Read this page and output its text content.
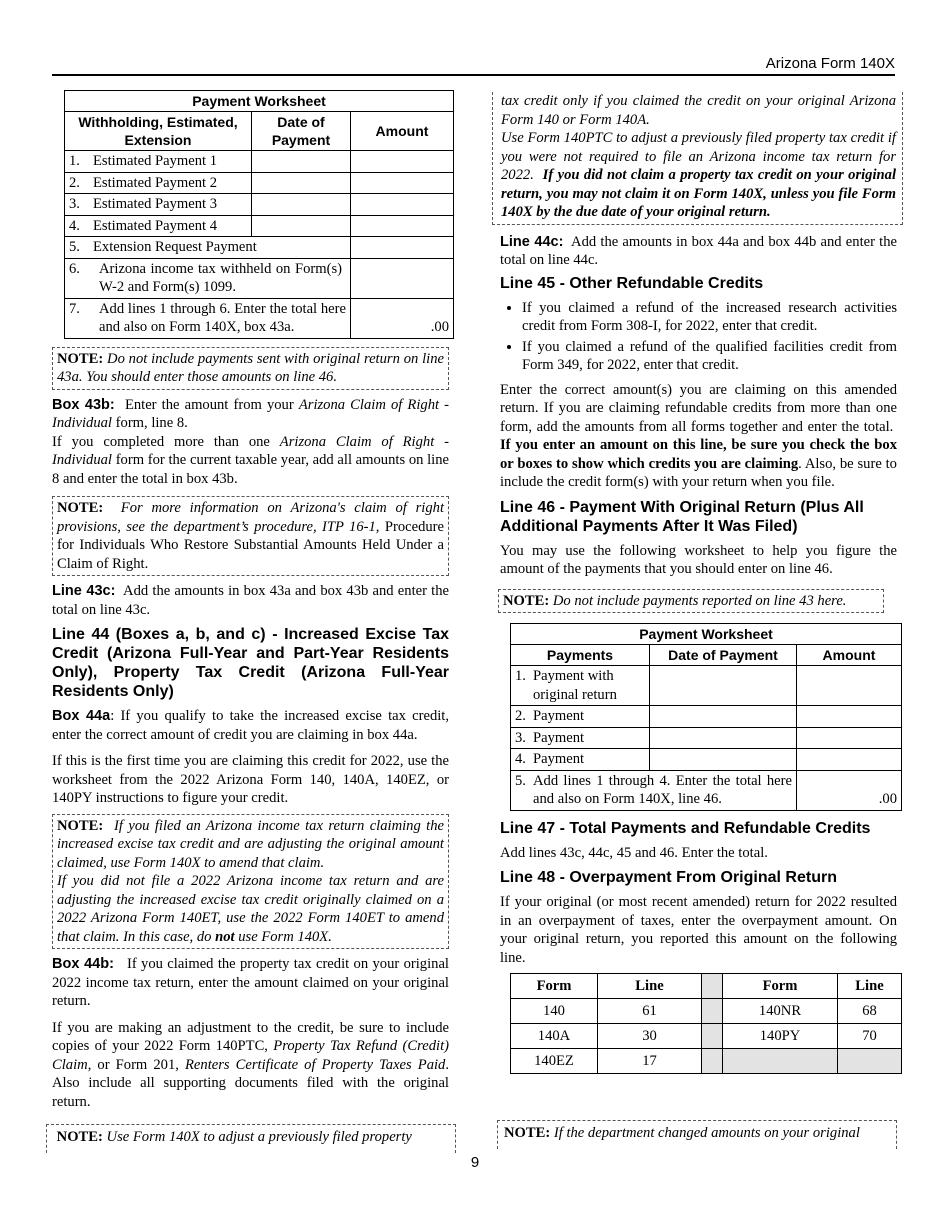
Arizona Form 140X
Payment Worksheet		
Withholding, Estimated, Extension	Date of Payment	Amount
1. Estimated Payment 1		
2. Estimated Payment 2		
3. Estimated Payment 3		
4. Estimated Payment 4		
5. Extension Request Payment		

6. Arizona income tax withheld on Form(s) W-2 and Form(s) 1099.		

7. Add lines 1 through 6. Enter the total here and also on Form 140X, box 43a.		.00

NOTE: Do not include payments sent with original return on line 43a. You should enter those amounts on line 46.

Box 43b: Enter the amount from your Arizona Claim of Right - Individual form, line 8.

If you completed more than one Arizona Claim of Right - Individual form for the current taxable year, add all amounts on line 8 and enter the total in box 43b.

NOTE: For more information on Arizona's claim of right provisions, see the department’s procedure, ITP 16-1, Procedure for Individuals Who Restore Substantial Amounts Held Under a Claim of Right.

Line 43c: Add the amounts in box 43a and box 43b and enter the total on line 43c.

Line 44 (Boxes a, b, and c) - Increased Excise Tax Credit (Arizona Full-Year and Part-Year Residents Only), Property Tax Credit (Arizona Full-Year Residents Only)

Box 44a: If you qualify to take the increased excise tax credit, enter the correct amount of credit you are claiming in box 44a.

If this is the first time you are claiming this credit for 2022, use the worksheet from the 2022 Arizona Form 140, 140A, 140EZ, or 140PY instructions to figure your credit.

NOTE: If you filed an Arizona income tax return claiming the increased excise tax credit and are adjusting the original amount claimed, use Form 140X to amend that claim.

If you did not file a 2022 Arizona income tax return and are adjusting the increased excise tax credit originally claimed on a 2022 Arizona Form 140ET, use the 2022 Form 140ET to amend that claim. In this case, do not use Form 140X.

Box 44b: If you claimed the property tax credit on your original 2022 income tax return, enter the amount claimed on your original return.

If you are making an adjustment to the credit, be sure to include copies of your 2022 Form 140PTC, Property Tax Refund (Credit) Claim, or Form 201, Renters Certificate of Property Taxes Paid. Also include all supporting documents filed with the original return.

NOTE: Use Form 140X to adjust a previously filed property

tax credit only if you claimed the credit on your original Arizona Form 140 or Form 140A.

Use Form 140PTC to adjust a previously filed property tax credit if you were not required to file an Arizona income tax return for 2022. If you did not claim a property tax credit on your original return, you may not claim it on Form 140X, unless you file Form 140X by the due date of your original return.

Line 44c: Add the amounts in box 44a and box 44b and enter the total on line 44c.

Line 45 - Other Refundable Credits
• If you claimed a refund of the increased research activities credit from Form 308-I, for 2022, enter that credit.
• If you claimed a refund of the qualified facilities credit from Form 349, for 2022, enter that credit.

Enter the correct amount(s) you are claiming on this amended return. If you are claiming refundable credits from more than one form, add the amounts from all forms together and enter the total.  If you enter an amount on this line, be sure you check the box or boxes to show which credits you are claiming. Also, be sure to include the credit form(s) with your return when you file.

Line 46 - Payment With Original Return (Plus All Additional Payments After It Was Filed)

You may use the following worksheet to help you figure the amount of the payments that you should enter on line 46.

NOTE: Do not include payments reported on line 43 here.

Payment Worksheet		
Payments	Date of Payment	Amount

1. Payment with original return		

2. Payment		
3. Payment		
4. Payment		

5. Add lines 1 through 4. Enter the total here and also on Form 140X, line 46.		.00
Line 47 - Total Payments and Refundable Credits

Add lines 43c, 44c, 45 and 46. Enter the total.

Line 48 - Overpayment From Original Return

If your original (or most recent amended) return for 2022 resulted in an overpayment of taxes, enter the overpayment amount. On your original return, you reported this amount on the following line.

Form	Line		Form	Line
140	61		140NR	68
140A	30		140PY	70
140EZ	17			
NOTE: If the department changed amounts on your original
9
